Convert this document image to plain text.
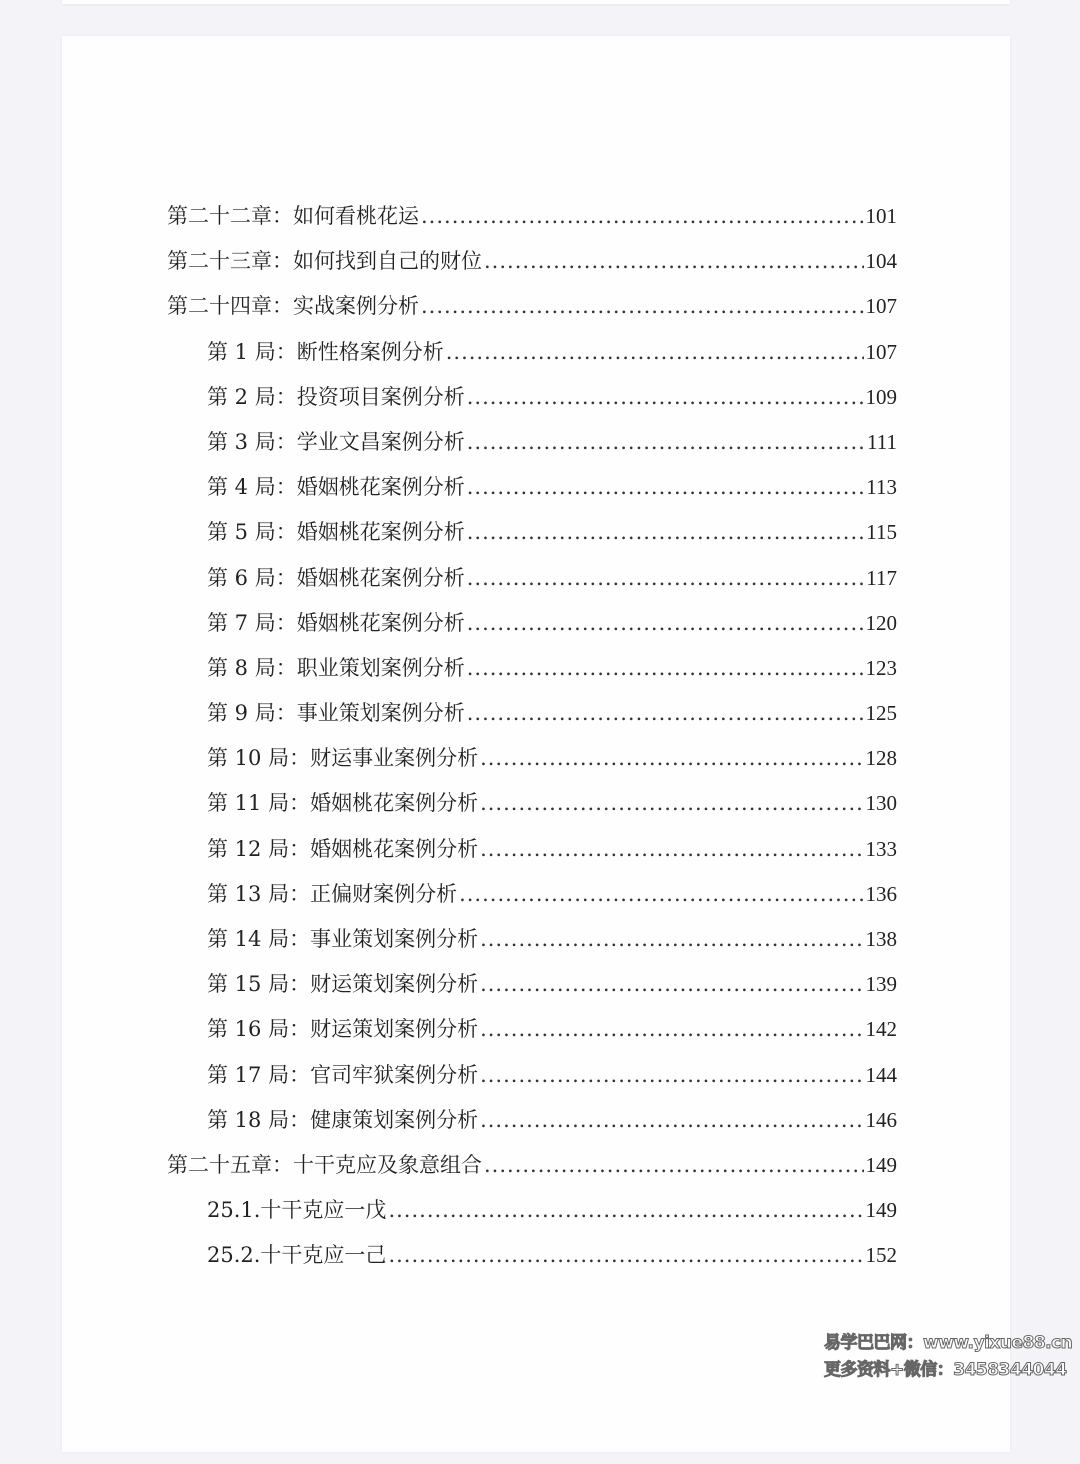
第二十二章：如何看桃花运 .....	101
第二十三章：如何找到自己的财位 .....	104
第二十四章：实战案例分析 .....	107
第 1 局：断性格案例分析 .....	107
第 2 局：投资项目案例分析 .....	109
第 3 局：学业文昌案例分析 .....	111
第 4 局：婚姻桃花案例分析 .....	113
第 5 局：婚姻桃花案例分析 .....	115
第 6 局：婚姻桃花案例分析 .....	117
第 7 局：婚姻桃花案例分析 .....	120
第 8 局：职业策划案例分析 .....	123
第 9 局：事业策划案例分析 .....	125
第 10 局：财运事业案例分析 .....	128
第 11 局：婚姻桃花案例分析 .....	130
第 12 局：婚姻桃花案例分析 .....	133
第 13 局：正偏财案例分析 .....	136
第 14 局：事业策划案例分析 .....	138
第 15 局：财运策划案例分析 .....	139
第 16 局：财运策划案例分析 .....	142
第 17 局：官司牢狱案例分析 .....	144
第 18 局：健康策划案例分析 .....	146
第二十五章：十干克应及象意组合 .....	149
25.1.十干克应一戊 .....	149
25.2.十干克应一己 .....	152
易学巴巴网：www.yixue88.cn
更多资料+微信：3458344044
